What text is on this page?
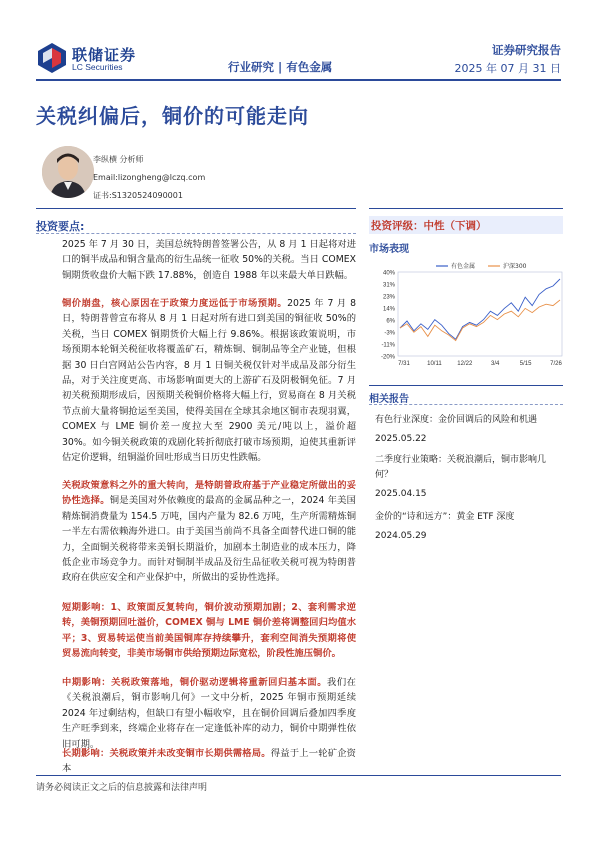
联储证券
LC Securities	行业研究 | 有色金属
证券研究报告
2025 年 07 月 31 日
关税纠偏后，铜价的可能走向
李纵横 分析师
Email:lizongheng@lczq.com
证书:S1320524090001
投资要点:
2025 年 7 月 30 日，美国总统特朗普签署公告，从 8 月 1 日起将对进口的铜半成品和铜含量高的衍生品统一征收 50%的关税。当日 COMEX 铜期货收盘价大幅下跌 17.88%，创造自 1988 年以来最大单日跌幅。
铜价崩盘，核心原因在于政策力度远低于市场预期。2025 年 7 月 8 日，特朗普曾宣布将从 8 月 1 日起对所有进口到美国的铜征收 50%的关税，当日 COMEX 铜期货价大幅上行 9.86%。根据该政策说明，市场预期本轮铜关税征收将覆盖矿石，精炼铜、铜制品等全产业链，但根据 30 日白宫网站公告内容，8 月 1 日铜关税仅针对半成品及部分衍生品，对于关注度更高、市场影响面更大的上游矿石及阴极铜免征。7 月初关税预期形成后，因预期关税铜价格将大幅上行，贸易商在 8 月关税节点前大量将铜抢运至美国，使得美国在全球其余地区铜市表现羽翼，COMEX 与 LME 铜价差一度拉大至 2900 美元/吨以上，溢价超 30%。如今铜关税政策的戏剧化转折彻底打破市场预期，迫使其重新评估定价逻辑，纽铜溢价回吐形成当日历史性跌幅。
关税政策意料之外的重大转向，是特朗普政府基于产业稳定所做出的妥协性选择。铜是美国对外依赖度的最高的金属品种之一，2024 年美国精炼铜消费量为 154.5 万吨，国内产量为 82.6 万吨，生产所需精炼铜一半左右需依赖海外进口。由于美国当前尚不具备全面替代进口铜的能力，全面铜关税将带来美铜长期溢价，加剧本土制造业的成本压力，降低企业市场竞争力。而针对铜制半成品及衍生品征收关税可视为特朗普政府在供应安全和产业保护中，所做出的妥协性选择。
短期影响：1、政策面反复转向，铜价波动预期加剧；2、套利需求逆转，美铜预期回吐溢价，COMEX 铜与 LME 铜价差将调整回归均值水平；3、贸易转运使当前美国铜库存持续攀升，套利空间消失预期将使贸易流向转变，非美市场铜市供给预期边际宽松，阶段性施压铜价。
中期影响：关税政策落地，铜价驱动逻辑将重新回归基本面。我们在《关税浪潮后，铜市影响几何》一文中分析，2025 年铜市预期延续 2024 年过剩结构，但缺口有望小幅收窄，且在铜价回调后叠加四季度生产旺季到来，终端企业将存在一定逢低补库的动力，铜价中期弹性依旧可期。
长期影响：关税政策并未改变铜市长期供需格局。得益于上一轮矿企资本
投资评级：中性（下调）
市场表现
40%
31%
23%
14%
6%
-3%
-11%
-20%
7/31	10/11	12/22	3/4	5/15	7/26
有色金属	沪深300
相关报告
有色行业深度：金价回调后的风险和机遇
2025.05.22
二季度行业策略：关税浪潮后，铜市影响几何？
2025.04.15
金价的“诗和远方”：黄金 ETF 深度
2024.05.29
请务必阅读正文之后的信息披露和法律声明
